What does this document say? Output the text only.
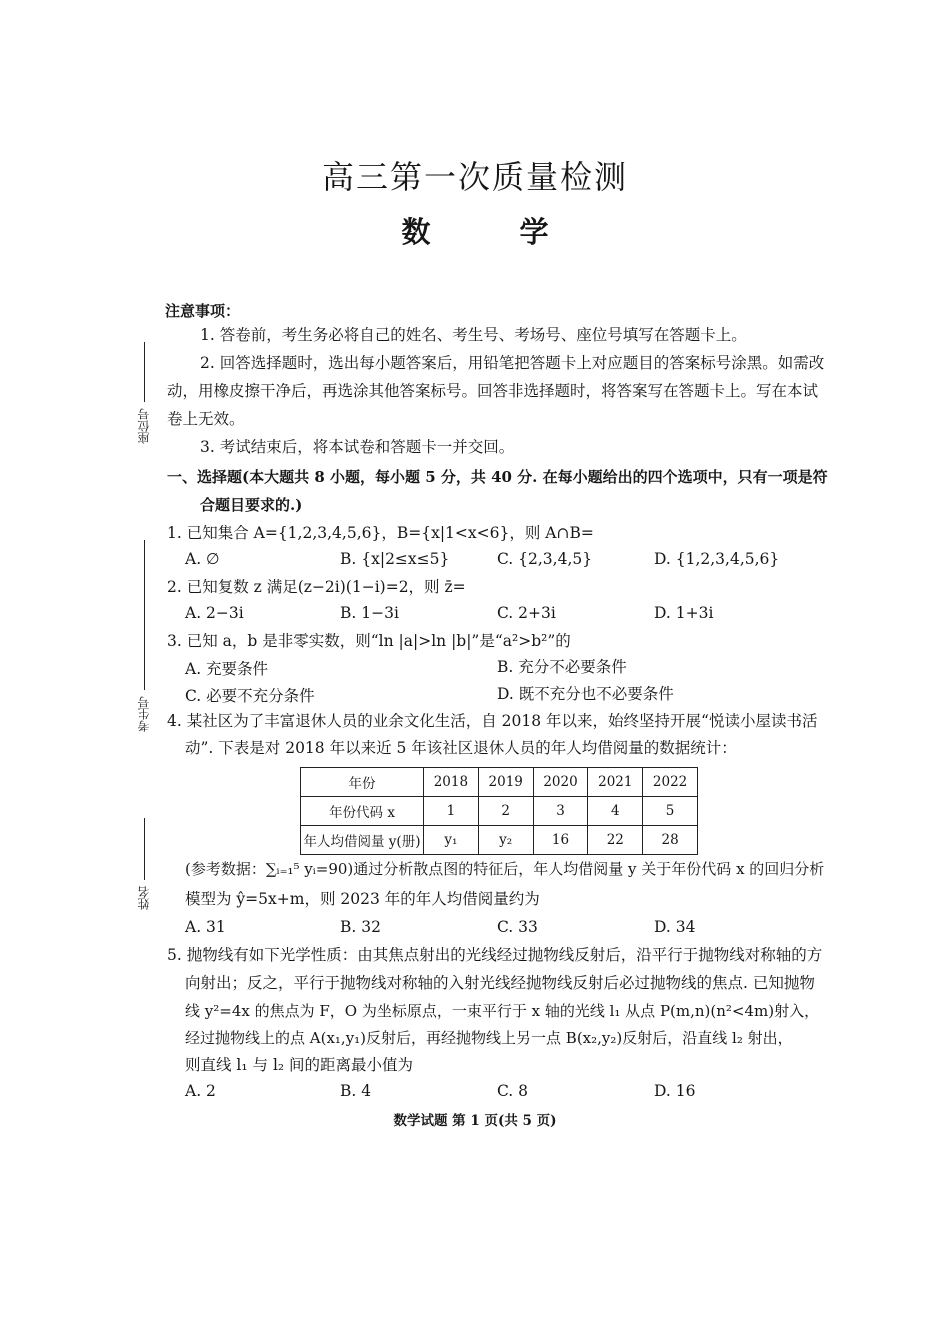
高三第一次质量检测
数　学
座位号
考生号
姓名
注意事项：
1. 答卷前，考生务必将自己的姓名、考生号、考场号、座位号填写在答题卡上。
2. 回答选择题时，选出每小题答案后，用铅笔把答题卡上对应题目的答案标号涂黑。如需改
动，用橡皮擦干净后，再选涂其他答案标号。回答非选择题时，将答案写在答题卡上。写在本试
卷上无效。
3. 考试结束后，将本试卷和答题卡一并交回。
一、选择题(本大题共 8 小题，每小题 5 分，共 40 分. 在每小题给出的四个选项中，只有一项是符
合题目要求的.)
1. 已知集合 A={1,2,3,4,5,6}，B={x|1<x<6}，则 A∩B=
A. ∅	B. {x|2≤x≤5}	C. {2,3,4,5}	D. {1,2,3,4,5,6}
2. 已知复数 z 满足(z−2i)(1−i)=2，则 z̄=
A. 2−3i	B. 1−3i	C. 2+3i	D. 1+3i
3. 已知 a，b 是非零实数，则“ln |a|>ln |b|”是“a²>b²”的
A. 充要条件	B. 充分不必要条件
C. 必要不充分条件	D. 既不充分也不必要条件
4. 某社区为了丰富退休人员的业余文化生活，自 2018 年以来，始终坚持开展“悦读小屋读书活
动”. 下表是对 2018 年以来近 5 年该社区退休人员的年人均借阅量的数据统计：
年份	2018	2019	2020	2021	2022
年份代码 x	1	2	3	4	5
年人均借阅量 y(册)	y₁	y₂	16	22	28
(参考数据：∑ᵢ₌₁⁵ yᵢ=90)通过分析散点图的特征后，年人均借阅量 y 关于年份代码 x 的回归分析
模型为 ŷ=5x+m，则 2023 年的年人均借阅量约为
A. 31	B. 32	C. 33	D. 34
5. 抛物线有如下光学性质：由其焦点射出的光线经过抛物线反射后，沿平行于抛物线对称轴的方
向射出；反之，平行于抛物线对称轴的入射光线经抛物线反射后必过抛物线的焦点. 已知抛物
线 y²=4x 的焦点为 F，O 为坐标原点，一束平行于 x 轴的光线 l₁ 从点 P(m,n)(n²<4m)射入，
经过抛物线上的点 A(x₁,y₁)反射后，再经抛物线上另一点 B(x₂,y₂)反射后，沿直线 l₂ 射出，
则直线 l₁ 与 l₂ 间的距离最小值为
A. 2	B. 4	C. 8	D. 16
数学试题 第 1 页(共 5 页)
